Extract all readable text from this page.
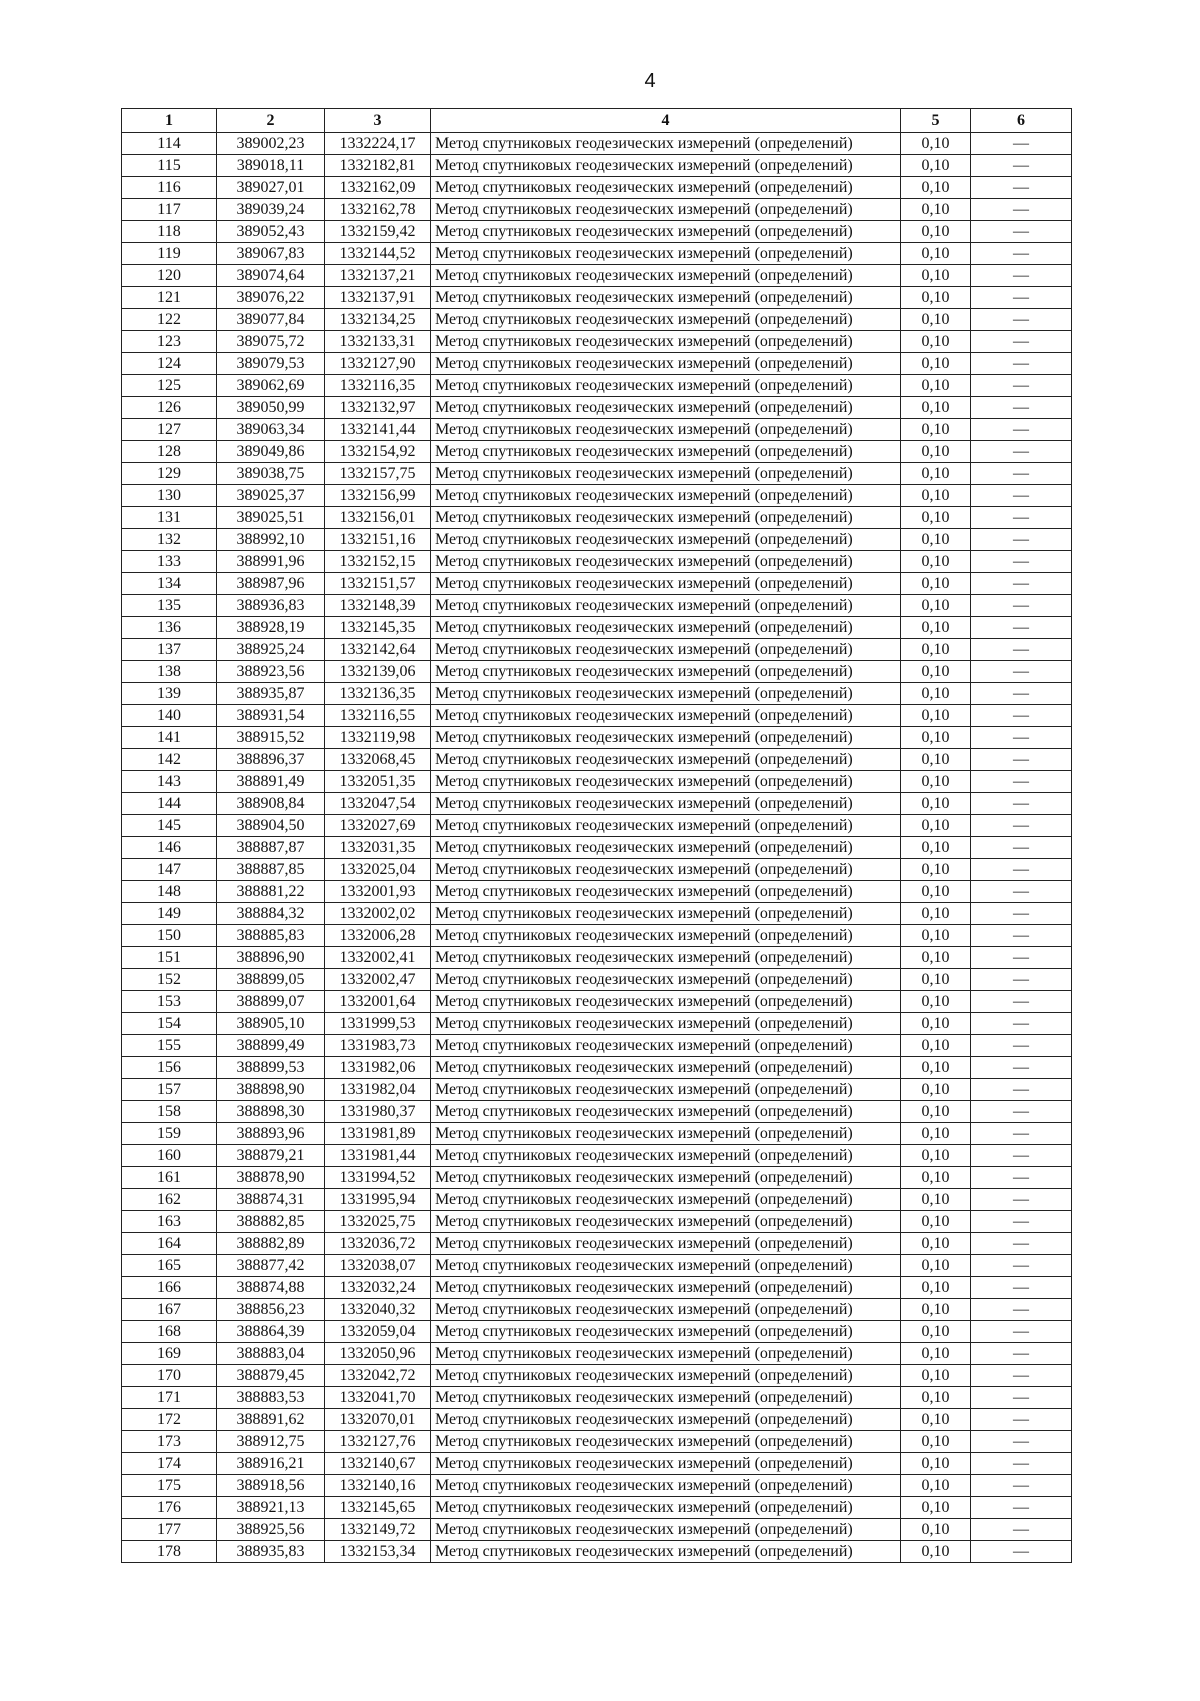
4
1	2	3	4	5	6
114	389002,23	1332224,17	Метод спутниковых геодезических измерений (определений)	0,10	—
115	389018,11	1332182,81	Метод спутниковых геодезических измерений (определений)	0,10	—
116	389027,01	1332162,09	Метод спутниковых геодезических измерений (определений)	0,10	—
117	389039,24	1332162,78	Метод спутниковых геодезических измерений (определений)	0,10	—
118	389052,43	1332159,42	Метод спутниковых геодезических измерений (определений)	0,10	—
119	389067,83	1332144,52	Метод спутниковых геодезических измерений (определений)	0,10	—
120	389074,64	1332137,21	Метод спутниковых геодезических измерений (определений)	0,10	—
121	389076,22	1332137,91	Метод спутниковых геодезических измерений (определений)	0,10	—
122	389077,84	1332134,25	Метод спутниковых геодезических измерений (определений)	0,10	—
123	389075,72	1332133,31	Метод спутниковых геодезических измерений (определений)	0,10	—
124	389079,53	1332127,90	Метод спутниковых геодезических измерений (определений)	0,10	—
125	389062,69	1332116,35	Метод спутниковых геодезических измерений (определений)	0,10	—
126	389050,99	1332132,97	Метод спутниковых геодезических измерений (определений)	0,10	—
127	389063,34	1332141,44	Метод спутниковых геодезических измерений (определений)	0,10	—
128	389049,86	1332154,92	Метод спутниковых геодезических измерений (определений)	0,10	—
129	389038,75	1332157,75	Метод спутниковых геодезических измерений (определений)	0,10	—
130	389025,37	1332156,99	Метод спутниковых геодезических измерений (определений)	0,10	—
131	389025,51	1332156,01	Метод спутниковых геодезических измерений (определений)	0,10	—
132	388992,10	1332151,16	Метод спутниковых геодезических измерений (определений)	0,10	—
133	388991,96	1332152,15	Метод спутниковых геодезических измерений (определений)	0,10	—
134	388987,96	1332151,57	Метод спутниковых геодезических измерений (определений)	0,10	—
135	388936,83	1332148,39	Метод спутниковых геодезических измерений (определений)	0,10	—
136	388928,19	1332145,35	Метод спутниковых геодезических измерений (определений)	0,10	—
137	388925,24	1332142,64	Метод спутниковых геодезических измерений (определений)	0,10	—
138	388923,56	1332139,06	Метод спутниковых геодезических измерений (определений)	0,10	—
139	388935,87	1332136,35	Метод спутниковых геодезических измерений (определений)	0,10	—
140	388931,54	1332116,55	Метод спутниковых геодезических измерений (определений)	0,10	—
141	388915,52	1332119,98	Метод спутниковых геодезических измерений (определений)	0,10	—
142	388896,37	1332068,45	Метод спутниковых геодезических измерений (определений)	0,10	—
143	388891,49	1332051,35	Метод спутниковых геодезических измерений (определений)	0,10	—
144	388908,84	1332047,54	Метод спутниковых геодезических измерений (определений)	0,10	—
145	388904,50	1332027,69	Метод спутниковых геодезических измерений (определений)	0,10	—
146	388887,87	1332031,35	Метод спутниковых геодезических измерений (определений)	0,10	—
147	388887,85	1332025,04	Метод спутниковых геодезических измерений (определений)	0,10	—
148	388881,22	1332001,93	Метод спутниковых геодезических измерений (определений)	0,10	—
149	388884,32	1332002,02	Метод спутниковых геодезических измерений (определений)	0,10	—
150	388885,83	1332006,28	Метод спутниковых геодезических измерений (определений)	0,10	—
151	388896,90	1332002,41	Метод спутниковых геодезических измерений (определений)	0,10	—
152	388899,05	1332002,47	Метод спутниковых геодезических измерений (определений)	0,10	—
153	388899,07	1332001,64	Метод спутниковых геодезических измерений (определений)	0,10	—
154	388905,10	1331999,53	Метод спутниковых геодезических измерений (определений)	0,10	—
155	388899,49	1331983,73	Метод спутниковых геодезических измерений (определений)	0,10	—
156	388899,53	1331982,06	Метод спутниковых геодезических измерений (определений)	0,10	—
157	388898,90	1331982,04	Метод спутниковых геодезических измерений (определений)	0,10	—
158	388898,30	1331980,37	Метод спутниковых геодезических измерений (определений)	0,10	—
159	388893,96	1331981,89	Метод спутниковых геодезических измерений (определений)	0,10	—
160	388879,21	1331981,44	Метод спутниковых геодезических измерений (определений)	0,10	—
161	388878,90	1331994,52	Метод спутниковых геодезических измерений (определений)	0,10	—
162	388874,31	1331995,94	Метод спутниковых геодезических измерений (определений)	0,10	—
163	388882,85	1332025,75	Метод спутниковых геодезических измерений (определений)	0,10	—
164	388882,89	1332036,72	Метод спутниковых геодезических измерений (определений)	0,10	—
165	388877,42	1332038,07	Метод спутниковых геодезических измерений (определений)	0,10	—
166	388874,88	1332032,24	Метод спутниковых геодезических измерений (определений)	0,10	—
167	388856,23	1332040,32	Метод спутниковых геодезических измерений (определений)	0,10	—
168	388864,39	1332059,04	Метод спутниковых геодезических измерений (определений)	0,10	—
169	388883,04	1332050,96	Метод спутниковых геодезических измерений (определений)	0,10	—
170	388879,45	1332042,72	Метод спутниковых геодезических измерений (определений)	0,10	—
171	388883,53	1332041,70	Метод спутниковых геодезических измерений (определений)	0,10	—
172	388891,62	1332070,01	Метод спутниковых геодезических измерений (определений)	0,10	—
173	388912,75	1332127,76	Метод спутниковых геодезических измерений (определений)	0,10	—
174	388916,21	1332140,67	Метод спутниковых геодезических измерений (определений)	0,10	—
175	388918,56	1332140,16	Метод спутниковых геодезических измерений (определений)	0,10	—
176	388921,13	1332145,65	Метод спутниковых геодезических измерений (определений)	0,10	—
177	388925,56	1332149,72	Метод спутниковых геодезических измерений (определений)	0,10	—
178	388935,83	1332153,34	Метод спутниковых геодезических измерений (определений)	0,10	—
